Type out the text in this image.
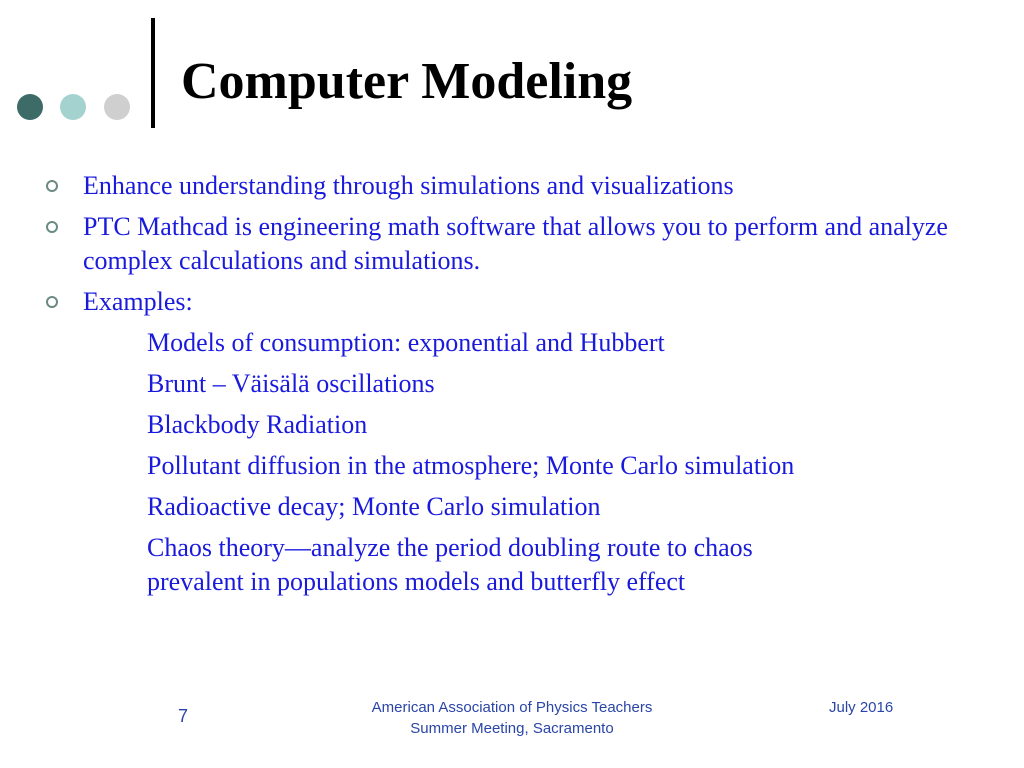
Computer Modeling
Enhance understanding through simulations and visualizations
PTC Mathcad is engineering math software that allows you to perform and analyze complex calculations and simulations.
Examples:
Models of consumption: exponential and Hubbert
Brunt – Väisälä oscillations
Blackbody Radiation
Pollutant diffusion in the atmosphere; Monte Carlo simulation
Radioactive decay; Monte Carlo simulation
Chaos theory—analyze the period doubling route to chaos prevalent in populations models and butterfly effect
7	American Association of Physics Teachers
Summer Meeting, Sacramento
July 2016
